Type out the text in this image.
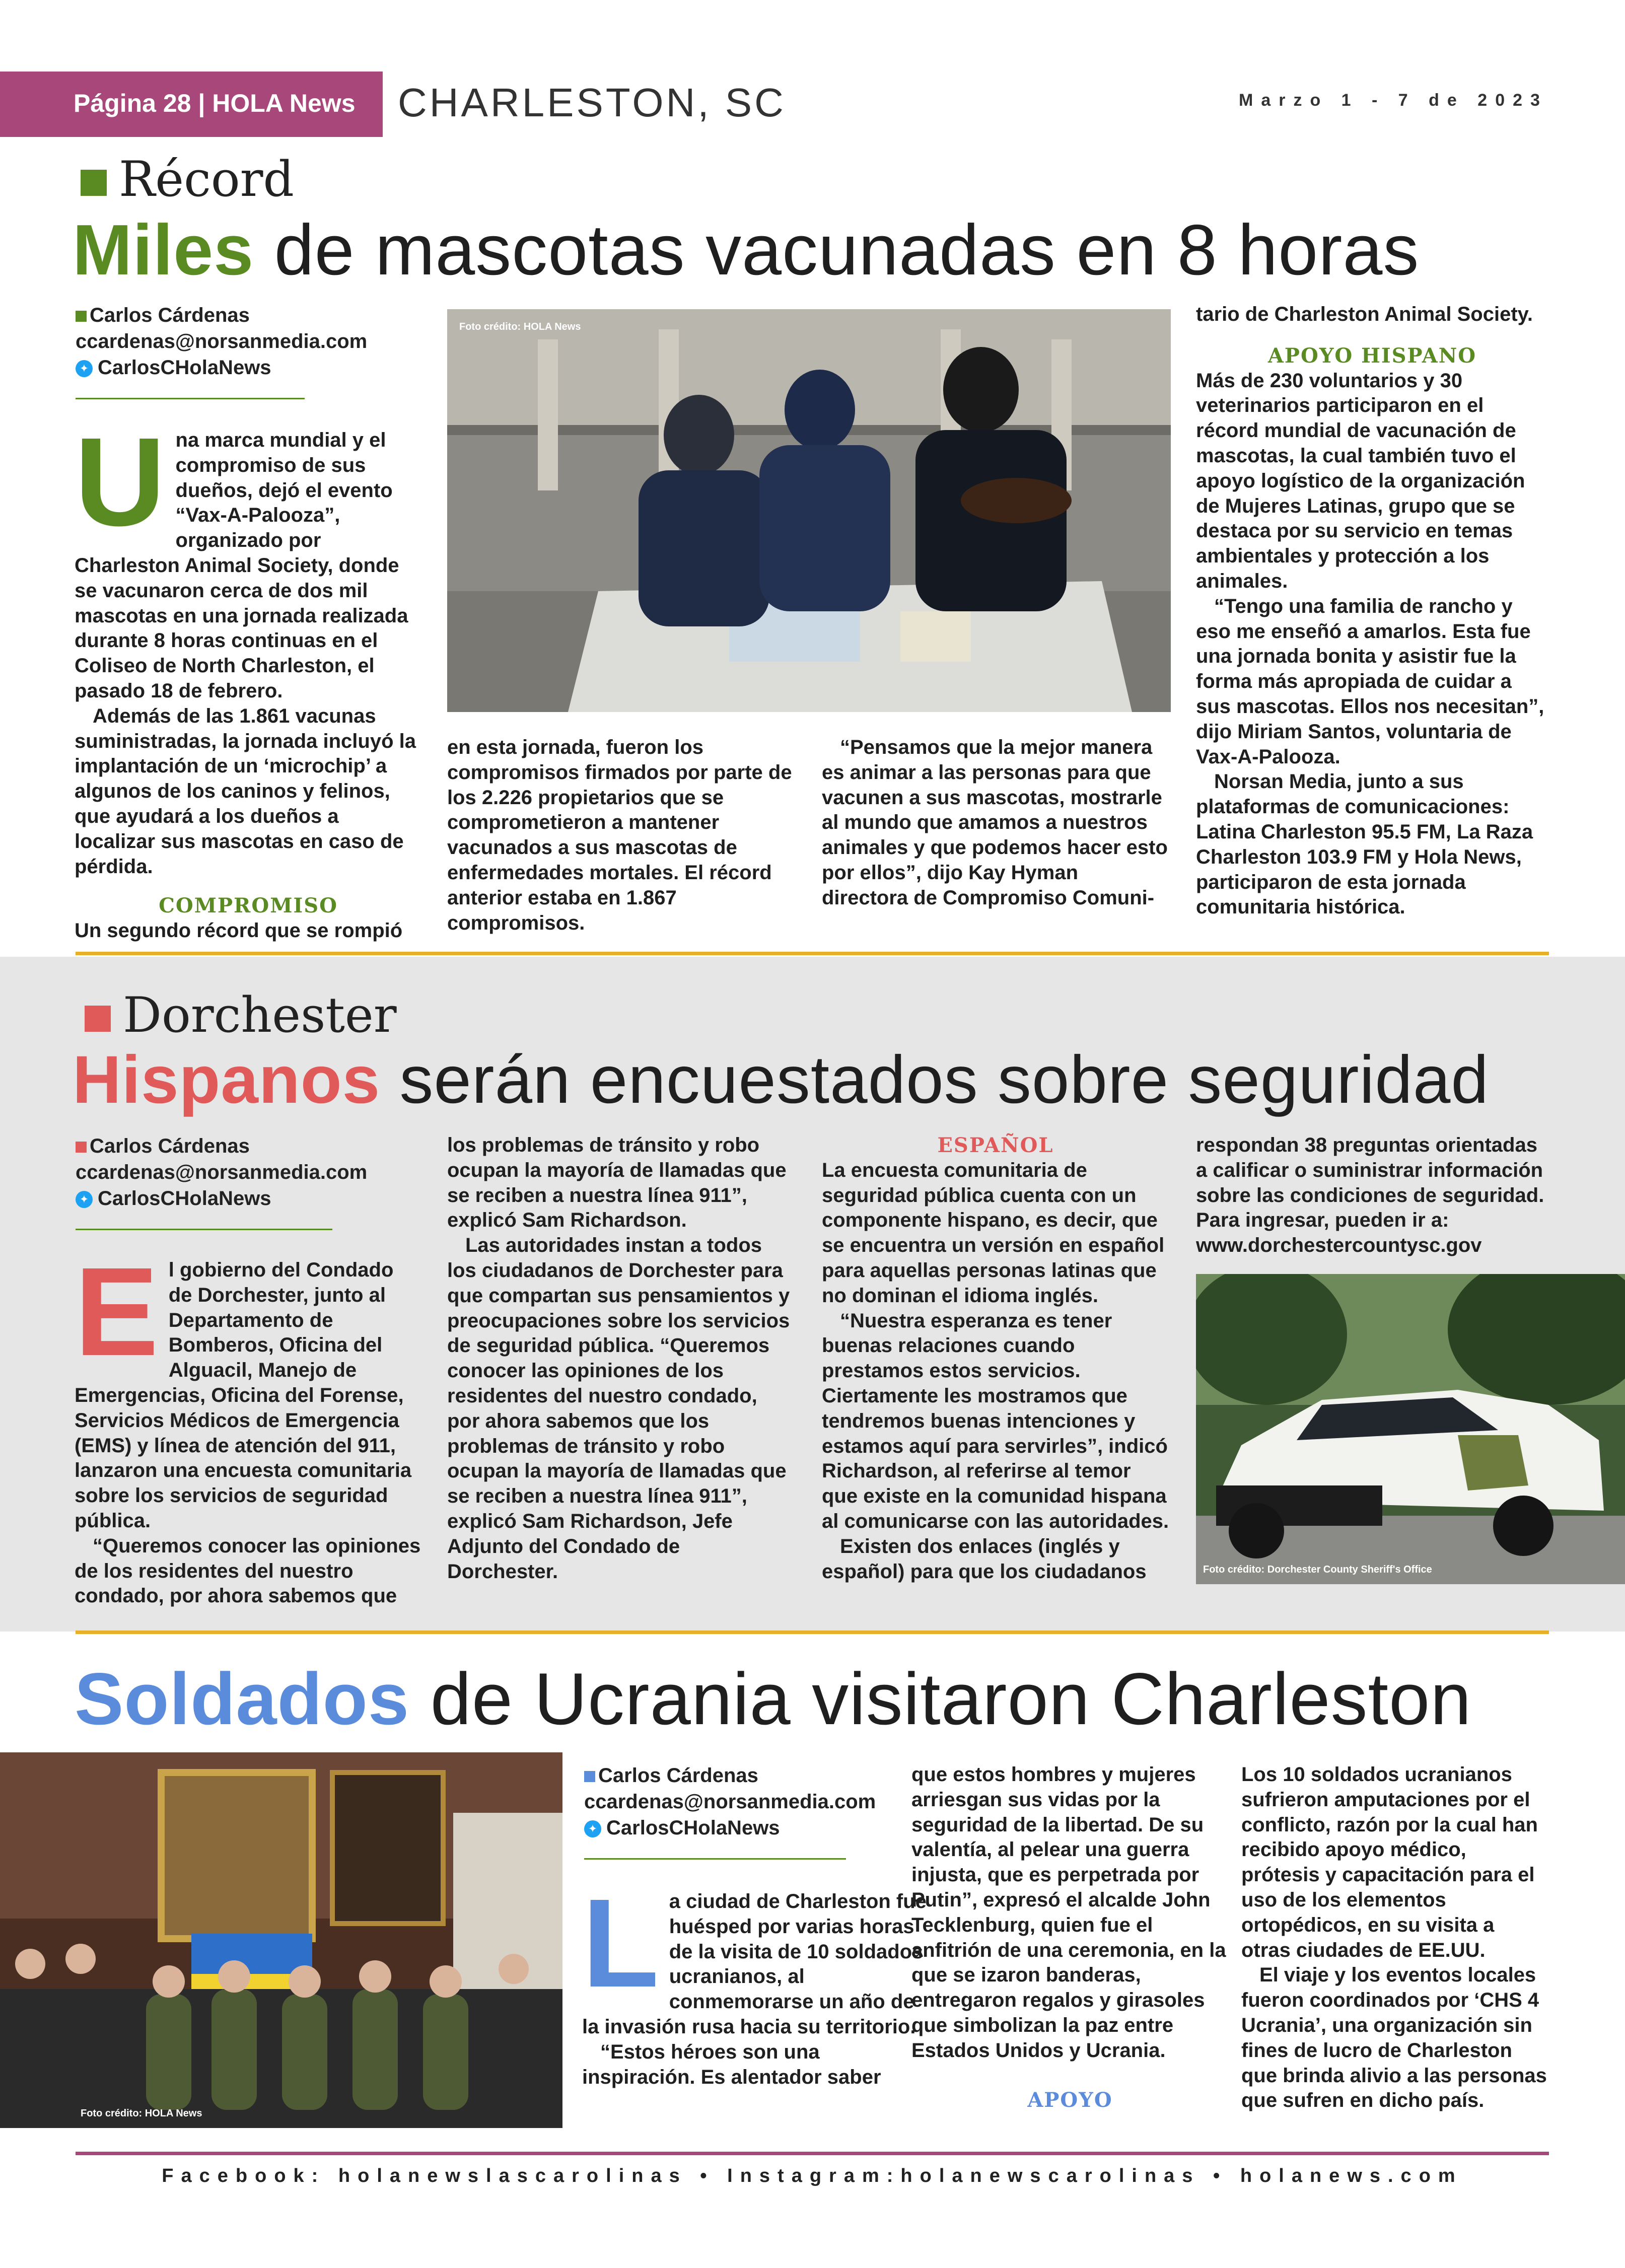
Página 28 | HOLA News CHARLESTON, SC	Marzo 1 - 7 de 2023
Récord
Miles de mascotas vacunadas en 8 horas
Carlos Cárdenas
ccardenas@norsanmedia.com
✦ CarlosCHolaNews

Una marca mundial y el compromiso de sus dueños, dejó el evento “Vax-A-Palooza”, organizado por Charleston Animal Society, donde se vacunaron cerca de dos mil mascotas en una jornada realizada durante 8 horas continuas en el Coliseo de North Charleston, el pasado 18 de febrero.

Además de las 1.861 vacunas suministradas, la jornada incluyó la implantación de un ‘microchip’ a algunos de los caninos y felinos, que ayudará a los dueños a localizar sus mascotas en caso de pérdida.

COMPROMISO

Un segundo récord que se rompió

Foto crédito: HOLA News

en esta jornada, fueron los compromisos firmados por parte de los 2.226 propietarios que se comprometieron a mantener vacunados a sus mascotas de enfermedades mortales. El récord anterior estaba en 1.867 compromisos.

“Pensamos que la mejor manera es animar a las personas para que vacunen a sus mascotas, mostrarle al mundo que amamos a nuestros animales y que podemos hacer esto por ellos”, dijo Kay Hyman directora de Compromiso Comuni-

tario de Charleston Animal Society.

APOYO HISPANO

Más de 230 voluntarios y 30 veterinarios participaron en el récord mundial de vacunación de mascotas, la cual también tuvo el apoyo logístico de la organización de Mujeres Latinas, grupo que se destaca por su servicio en temas ambientales y protección a los animales.

“Tengo una familia de rancho y eso me enseñó a amarlos. Esta fue una jornada bonita y asistir fue la forma más apropiada de cuidar a sus mascotas. Ellos nos necesitan”, dijo Miriam Santos, voluntaria de Vax-A-Palooza.

Norsan Media, junto a sus plataformas de comunicaciones: Latina Charleston 95.5 FM, La Raza Charleston 103.9 FM y Hola News, participaron de esta jornada comunitaria histórica.

Dorchester
Hispanos serán encuestados sobre seguridad
Carlos Cárdenas
ccardenas@norsanmedia.com
✦ CarlosCHolaNews

El gobierno del Condado de Dorchester, junto al Departamento de Bomberos, Oficina del Alguacil, Manejo de Emergencias, Oficina del Forense, Servicios Médicos de Emergencia (EMS) y línea de atención del 911, lanzaron una encuesta comunitaria sobre los servicios de seguridad pública.

“Queremos conocer las opiniones de los residentes del nuestro condado, por ahora sabemos que

los problemas de tránsito y robo ocupan la mayoría de llamadas que se reciben a nuestra línea 911”, explicó Sam Richardson.

Las autoridades instan a todos los ciudadanos de Dorchester para que compartan sus pensamientos y preocupaciones sobre los servicios de seguridad pública. “Queremos conocer las opiniones de los residentes del nuestro condado, por ahora sabemos que los problemas de tránsito y robo ocupan la mayoría de llamadas que se reciben a nuestra línea 911”, explicó Sam Richardson, Jefe Adjunto del Condado de Dorchester.

ESPAÑOL

La encuesta comunitaria de seguridad pública cuenta con un componente hispano, es decir, que se encuentra un versión en español para aquellas personas latinas que no dominan el idioma inglés.

“Nuestra esperanza es tener buenas relaciones cuando prestamos estos servicios. Ciertamente les mostramos que tendremos buenas intenciones y estamos aquí para servirles”, indicó Richardson, al referirse al temor que existe en la comunidad hispana al comunicarse con las autoridades.

Existen dos enlaces (inglés y español) para que los ciudadanos

respondan 38 preguntas orientadas a calificar o suministrar información sobre las condiciones de seguridad. Para ingresar, pueden ir a: www.dorchestercountysc.gov

Foto crédito: Dorchester County Sheriff's Office
Soldados de Ucrania visitaron Charleston
Foto crédito: HOLA News
Carlos Cárdenas
ccardenas@norsanmedia.com
✦ CarlosCHolaNews

La ciudad de Charleston fue huésped por varias horas de la visita de 10 soldados ucranianos, al conmemorarse un año de la invasión rusa hacia su territorio.

“Estos héroes son una inspiración. Es alentador saber

que estos hombres y mujeres arriesgan sus vidas por la seguridad de la libertad. De su valentía, al pelear una guerra injusta, que es perpetrada por Putin”, expresó el alcalde John Tecklenburg, quien fue el anfitrión de una ceremonia, en la que se izaron banderas, entregaron regalos y girasoles que simbolizan la paz entre Estados Unidos y Ucrania.

APOYO

Los 10 soldados ucranianos sufrieron amputaciones por el conflicto, razón por la cual han recibido apoyo médico, prótesis y capacitación para el uso de los elementos ortopédicos, en su visita a otras ciudades de EE.UU.

El viaje y los eventos locales fueron coordinados por ‘CHS 4 Ucrania’, una organización sin fines de lucro de Charleston que brinda alivio a las personas que sufren en dicho país.

Facebook: holanewslascarolinas • Instagram:holanewscarolinas • holanews.com
